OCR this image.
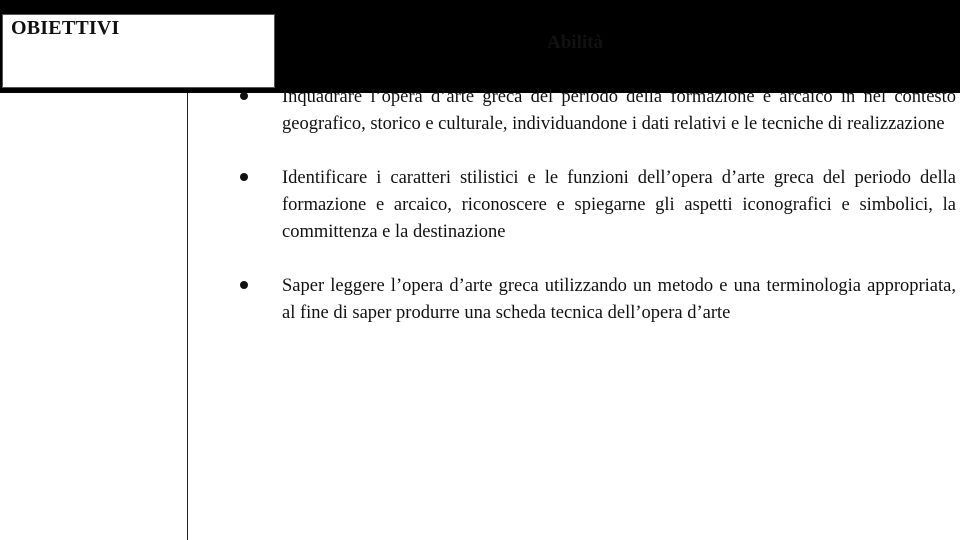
OBIETTIVI
Abilità
Inquadrare l’opera d’arte greca del periodo della formazione e arcaico in nel contesto geografico, storico e culturale, individuandone i dati relativi e le tecniche di realizzazione
Identificare i caratteri stilistici e le funzioni dell’opera d’arte greca del periodo della formazione e arcaico, riconoscere e spiegarne gli aspetti iconografici e simbolici, la committenza e la destinazione
Saper leggere l’opera d’arte greca utilizzando un metodo e una terminologia appropriata, al fine di saper produrre una scheda tecnica dell’opera d’arte
